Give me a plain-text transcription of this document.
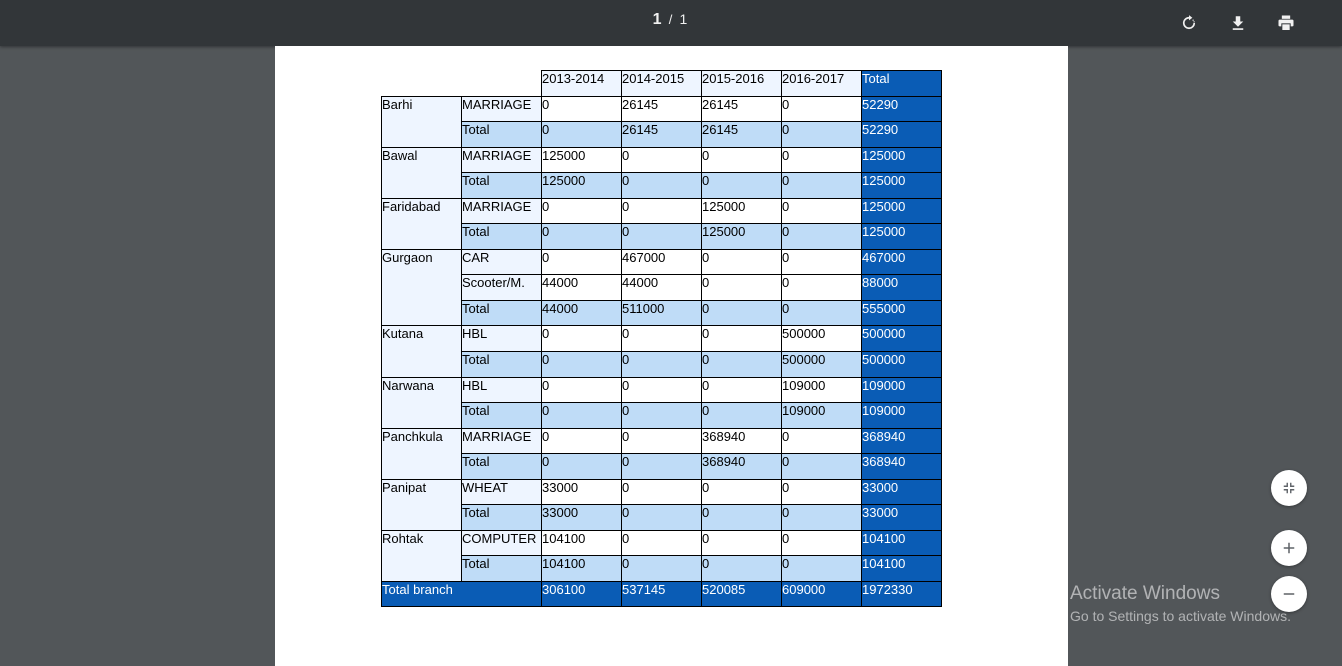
1 / 1
		2013-2014	2014-2015	2015-2016	2016-2017	Total
Barhi	MARRIAGE	0	26145	26145	0	52290
	Total	0	26145	26145	0	52290
Bawal	MARRIAGE	125000	0	0	0	125000
	Total	125000	0	0	0	125000
Faridabad	MARRIAGE	0	0	125000	0	125000
	Total	0	0	125000	0	125000
Gurgaon	CAR	0	467000	0	0	467000
	Scooter/M.	44000	44000	0	0	88000
	Total	44000	511000	0	0	555000
Kutana	HBL	0	0	0	500000	500000
	Total	0	0	0	500000	500000
Narwana	HBL	0	0	0	109000	109000
	Total	0	0	0	109000	109000
Panchkula	MARRIAGE	0	0	368940	0	368940
	Total	0	0	368940	0	368940
Panipat	WHEAT	33000	0	0	0	33000
	Total	33000	0	0	0	33000
Rohtak	COMPUTER	104100	0	0	0	104100
	Total	104100	0	0	0	104100
Total branch		306100	537145	520085	609000	1972330	Activate Windows
Go to Settings to activate Windows.
